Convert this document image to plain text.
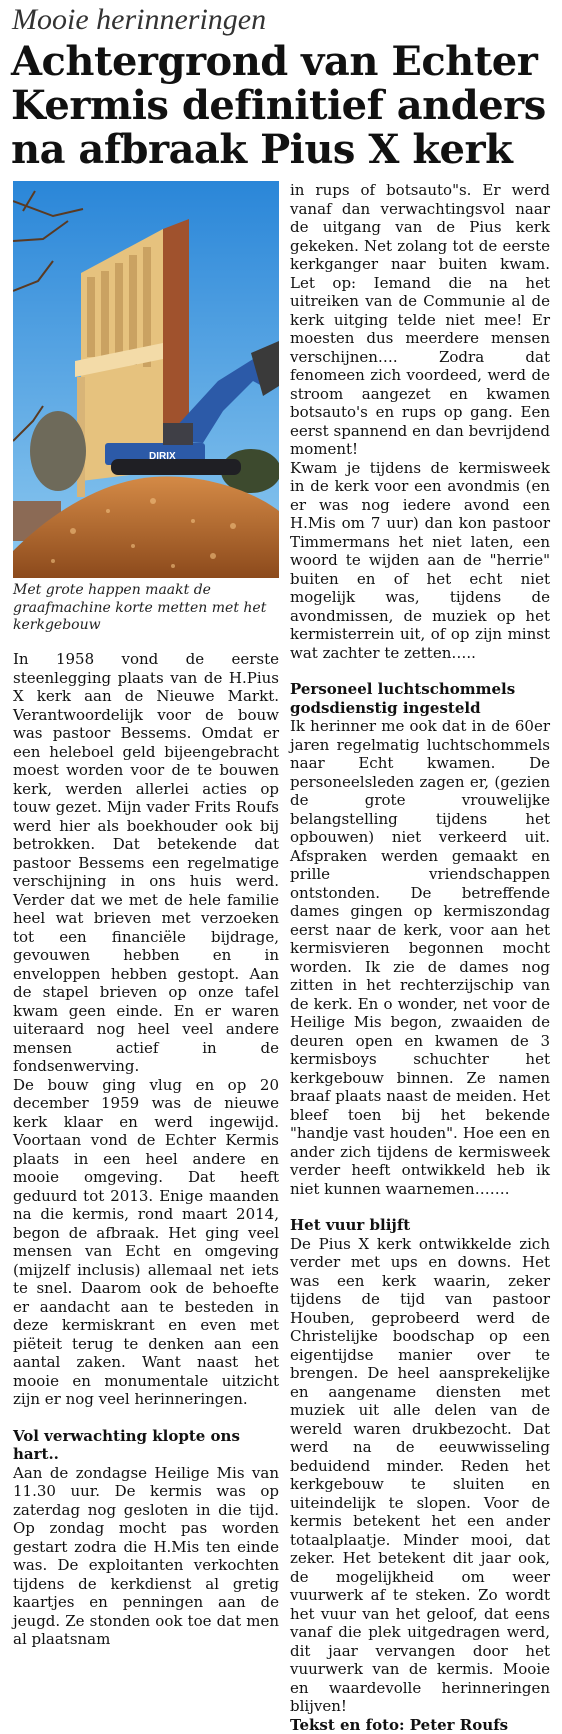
Mooie herinneringen
Achtergrond van Echter
Kermis definitief anders
na afbraak Pius X kerk
DIRIX
Met grote happen maakt de graafmachine korte metten met het kerkgebouw

In 1958 vond de eerste steenlegging plaats van de H.Pius X kerk aan de Nieuwe Markt. Verantwoordelijk voor de bouw was pastoor Bessems. Omdat er een heleboel geld bijeengebracht moest worden voor de te bouwen kerk, werden allerlei acties op touw gezet. Mijn vader Frits Roufs werd hier als boekhouder ook bij betrokken. Dat betekende dat pastoor Bessems een regelmatige verschijning in ons huis werd. Verder dat we met de hele familie heel wat brieven met verzoeken tot een financiële bijdrage, gevouwen hebben en in enveloppen hebben gestopt. Aan de stapel brieven op onze tafel kwam geen einde. En er waren uiteraard nog heel veel andere mensen actief in de fondsenwerving.

De bouw ging vlug en op 20 december 1959 was de nieuwe kerk klaar en werd ingewijd. Voortaan vond de Echter Kermis plaats in een heel andere en mooie omgeving. Dat heeft geduurd tot 2013. Enige maanden na die kermis, rond maart 2014, begon de afbraak. Het ging veel mensen van Echt en omgeving (mijzelf inclusis) allemaal net iets te snel. Daarom ook de behoefte er aandacht aan te besteden in deze kermiskrant en even met piëteit terug te denken aan een aantal zaken. Want naast het mooie en monumentale uitzicht zijn er nog veel herinneringen.

Vol verwachting klopte ons hart..

Aan de zondagse Heilige Mis van 11.30 uur. De kermis was op zaterdag nog gesloten in die tijd. Op zondag mocht pas worden gestart zodra die H.Mis ten einde was. De exploitanten verkochten tijdens de kerkdienst al gretig kaartjes en penningen aan de jeugd. Ze stonden ook toe dat men al plaatsnam

in rups of botsauto"s. Er werd vanaf dan verwachtingsvol naar de uitgang van de Pius kerk gekeken. Net zolang tot de eerste kerkganger naar buiten kwam. Let op: Iemand die na het uitreiken van de Communie al de kerk uitging telde niet mee! Er moesten dus meerdere mensen verschijnen…. Zodra dat fenomeen zich voordeed, werd de stroom aangezet en kwamen botsauto's en rups op gang. Een eerst spannend en dan bevrijdend moment!

Kwam je tijdens de kermisweek in de kerk voor een avondmis (en er was nog iedere avond een H.Mis om 7 uur) dan kon pastoor Timmermans het niet laten, een woord te wijden aan de "herrie" buiten en of het echt niet mogelijk was, tijdens de avondmissen, de muziek op het kermisterrein uit, of op zijn minst wat zachter te zetten…..

Personeel luchtschommels godsdienstig ingesteld

Ik herinner me ook dat in de 60er jaren regelmatig luchtschommels naar Echt kwamen. De personeelsleden zagen er, (gezien de grote vrouwelijke belangstelling tijdens het opbouwen) niet verkeerd uit. Afspraken werden gemaakt en prille vriendschappen ontstonden. De betreffende dames gingen op kermiszondag eerst naar de kerk, voor aan het kermisvieren begonnen mocht worden. Ik zie de dames nog zitten in het rechterzijschip van de kerk. En o wonder, net voor de Heilige Mis begon, zwaaiden de deuren open en kwamen de 3 kermisboys schuchter het kerkgebouw binnen. Ze namen braaf plaats naast de meiden. Het bleef toen bij het bekende "handje vast houden". Hoe een en ander zich tijdens de kermisweek verder heeft ontwikkeld heb ik niet kunnen waarnemen…….

Het vuur blijft

De Pius X kerk ontwikkelde zich verder met ups en downs. Het was een kerk waarin, zeker tijdens de tijd van pastoor Houben, geprobeerd werd de Christelijke boodschap op een eigentijdse manier over te brengen. De heel aansprekelijke en aangename diensten met muziek uit alle delen van de wereld waren drukbezocht. Dat werd na de eeuwwisseling beduidend minder. Reden het kerkgebouw te sluiten en uiteindelijk te slopen. Voor de kermis betekent het een ander totaalplaatje. Minder mooi, dat zeker. Het betekent dit jaar ook, de mogelijkheid om weer vuurwerk af te steken. Zo wordt het vuur van het geloof, dat eens vanaf die plek uitgedragen werd, dit jaar vervangen door het vuurwerk van de kermis. Mooie en waardevolle herinneringen blijven!

Tekst en foto: Peter Roufs
